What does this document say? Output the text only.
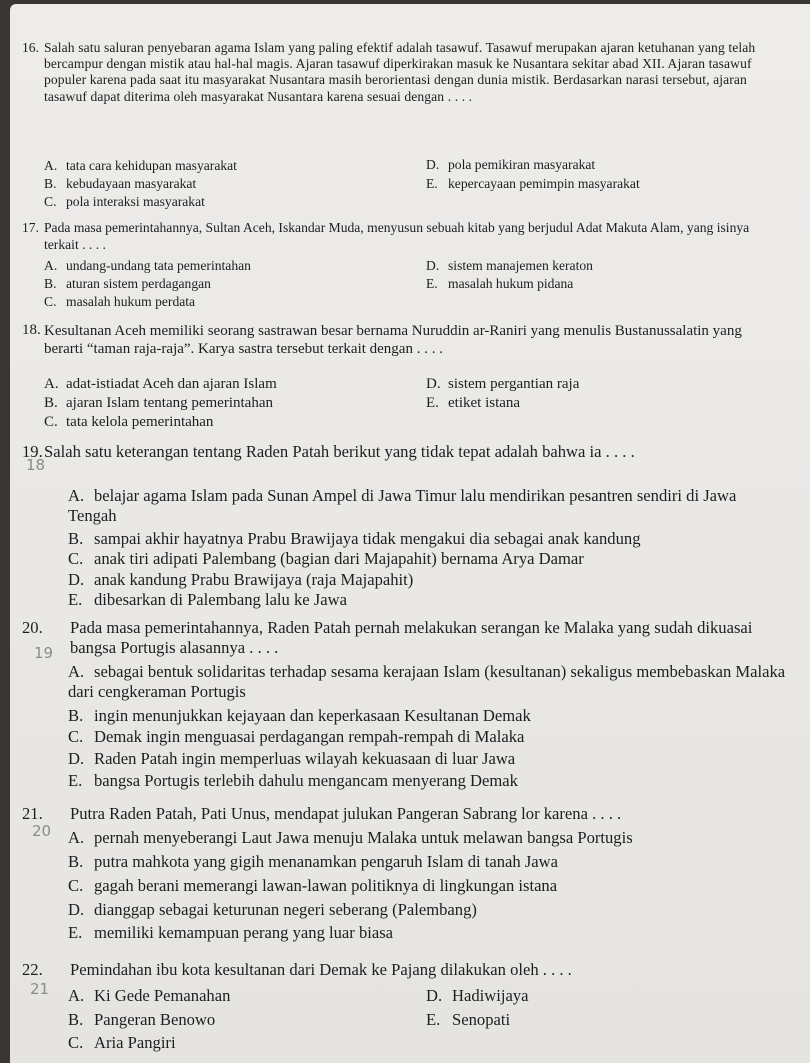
16. Salah satu saluran penyebaran agama Islam yang paling efektif adalah tasawuf. Tasawuf merupakan ajaran ketuhanan yang telah bercampur dengan mistik atau hal-hal magis. Ajaran tasawuf diperkirakan masuk ke Nusantara sekitar abad XII. Ajaran tasawuf populer karena pada saat itu masyarakat Nusantara masih berorientasi dengan dunia mistik. Berdasarkan narasi tersebut, ajaran tasawuf dapat diterima oleh masyarakat Nusantara karena sesuai dengan . . . .
A. tata cara kehidupan masyarakat
B. kebudayaan masyarakat
C. pola interaksi masyarakat
D. pola pemikiran masyarakat
E. kepercayaan pemimpin masyarakat
17. Pada masa pemerintahannya, Sultan Aceh, Iskandar Muda, menyusun sebuah kitab yang berjudul Adat Makuta Alam, yang isinya terkait . . . .
A. undang-undang tata pemerintahan
B. aturan sistem perdagangan
C. masalah hukum perdata
D. sistem manajemen keraton
E. masalah hukum pidana
18. Kesultanan Aceh memiliki seorang sastrawan besar bernama Nuruddin ar-Raniri yang menulis Bustanussalatin yang berarti “taman raja-raja”. Karya sastra tersebut terkait dengan . . . .
A. adat-istiadat Aceh dan ajaran Islam
B. ajaran Islam tentang pemerintahan
C. tata kelola pemerintahan
D. sistem pergantian raja
E. etiket istana
19. Salah satu keterangan tentang Raden Patah berikut yang tidak tepat adalah bahwa ia . . . .
A. belajar agama Islam pada Sunan Ampel di Jawa Timur lalu mendirikan pesantren sendiri di Jawa Tengah
B. sampai akhir hayatnya Prabu Brawijaya tidak mengakui dia sebagai anak kandung
C. anak tiri adipati Palembang (bagian dari Majapahit) bernama Arya Damar
D. anak kandung Prabu Brawijaya (raja Majapahit)
E. dibesarkan di Palembang lalu ke Jawa
20. Pada masa pemerintahannya, Raden Patah pernah melakukan serangan ke Malaka yang sudah dikuasai bangsa Portugis alasannya . . . .
A. sebagai bentuk solidaritas terhadap sesama kerajaan Islam (kesultanan) sekaligus membebaskan Malaka dari cengkeraman Portugis
B. ingin menunjukkan kejayaan dan keperkasaan Kesultanan Demak
C. Demak ingin menguasai perdagangan rempah-rempah di Malaka
D. Raden Patah ingin memperluas wilayah kekuasaan di luar Jawa
E. bangsa Portugis terlebih dahulu mengancam menyerang Demak
21. Putra Raden Patah, Pati Unus, mendapat julukan Pangeran Sabrang lor karena . . . .
A. pernah menyeberangi Laut Jawa menuju Malaka untuk melawan bangsa Portugis
B. putra mahkota yang gigih menanamkan pengaruh Islam di tanah Jawa
C. gagah berani memerangi lawan-lawan politiknya di lingkungan istana
D. dianggap sebagai keturunan negeri seberang (Palembang)
E. memiliki kemampuan perang yang luar biasa
22. Pemindahan ibu kota kesultanan dari Demak ke Pajang dilakukan oleh . . . .
A. Ki Gede Pemanahan
B. Pangeran Benowo
C. Aria Pangiri
D. Hadiwijaya
E. Senopati
18
19
20
21
